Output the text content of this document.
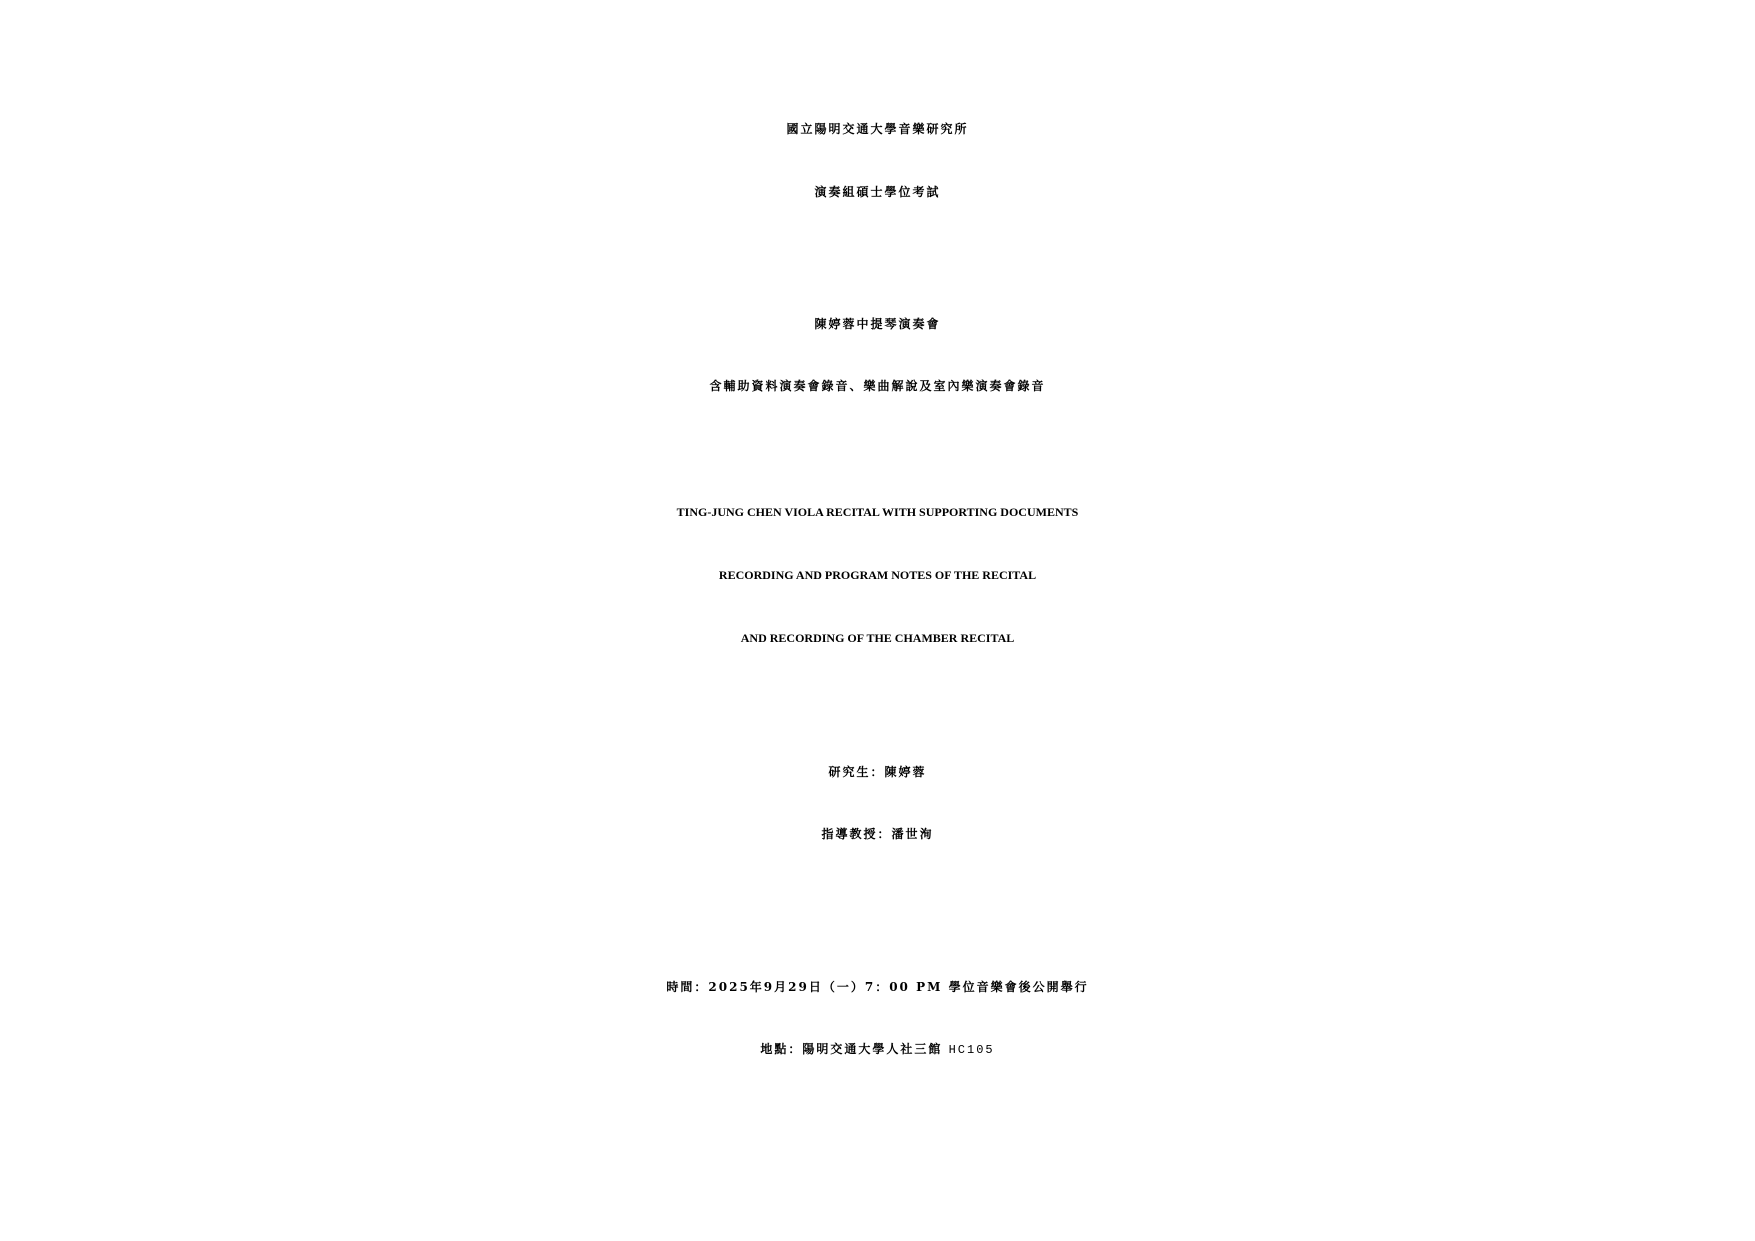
國立陽明交通大學音樂研究所
演奏組碩士學位考試
陳婷蓉中提琴演奏會
含輔助資料演奏會錄音、樂曲解說及室內樂演奏會錄音
TING-JUNG CHEN VIOLA RECITAL WITH SUPPORTING DOCUMENTS
RECORDING AND PROGRAM NOTES OF THE RECITAL
AND RECORDING OF THE CHAMBER RECITAL
研究生：陳婷蓉
指導教授：潘世洵
時間：2025年9月29日（一）7：00 PM 學位音樂會後公開舉行
地點：陽明交通大學人社三館 HC105
